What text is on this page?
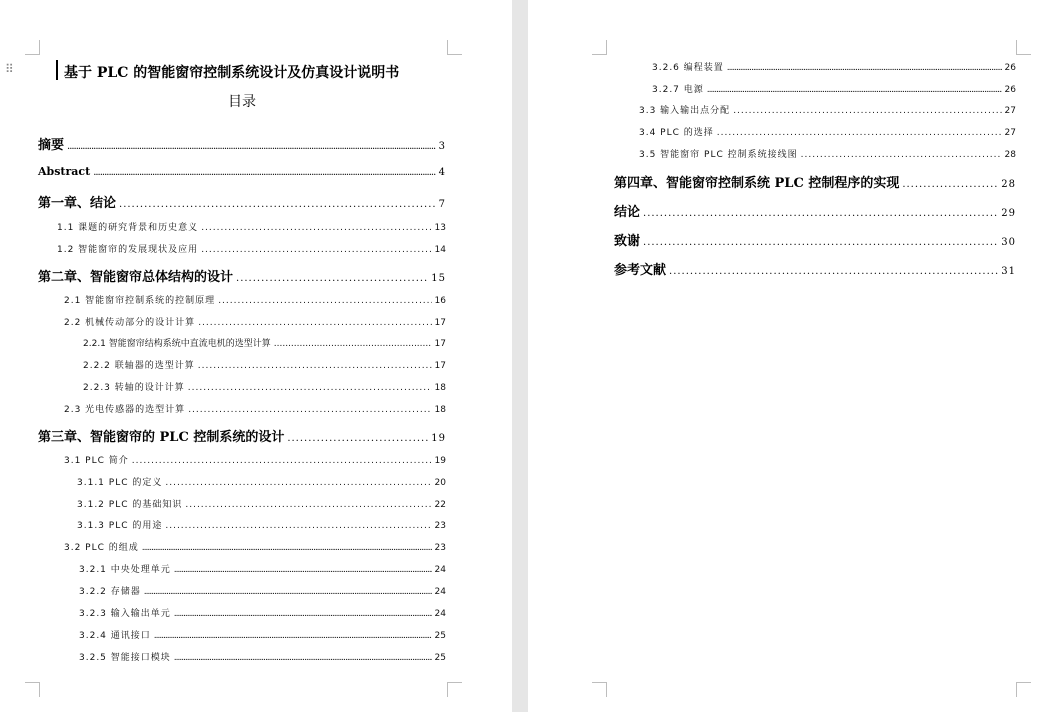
⠿	基于 PLC 的智能窗帘控制系统设计及仿真设计说明书
目录
摘要 .....	3
Abstract .....	4
第一章、结论 .....	7
1.1 课题的研究背景和历史意义 .....	13
1.2 智能窗帘的发展现状及应用 .....	14
第二章、智能窗帘总体结构的设计 .....	15
2.1 智能窗帘控制系统的控制原理 .....	16
2.2 机械传动部分的设计计算 .....	17
2.2.1 智能窗帘结构系统中直流电机的选型计算 .....	17
2.2.2 联轴器的选型计算 .....	17
2.2.3 转轴的设计计算 .....	18
2.3 光电传感器的选型计算 .....	18
第三章、智能窗帘的 PLC 控制系统的设计 .....	19
3.1 PLC 简介 .....	19
3.1.1 PLC 的定义 .....	20
3.1.2 PLC 的基础知识 .....	22
3.1.3 PLC 的用途 .....	23
3.2 PLC 的组成 .....	23
3.2.1 中央处理单元 .....	24
3.2.2 存储器 .....	24
3.2.3 输入输出单元 .....	24
3.2.4 通讯接口 .....	25
3.2.5 智能接口模块 .....	25
3.2.6 编程装置 .....	26
3.2.7 电源 .....	26
3.3 输入输出点分配 .....	27
3.4 PLC 的选择 .....	27
3.5 智能窗帘 PLC 控制系统接线图 .....	28
第四章、智能窗帘控制系统 PLC 控制程序的实现 .....	28
结论 .....	29
致谢 .....	30
参考文献 .....	31
